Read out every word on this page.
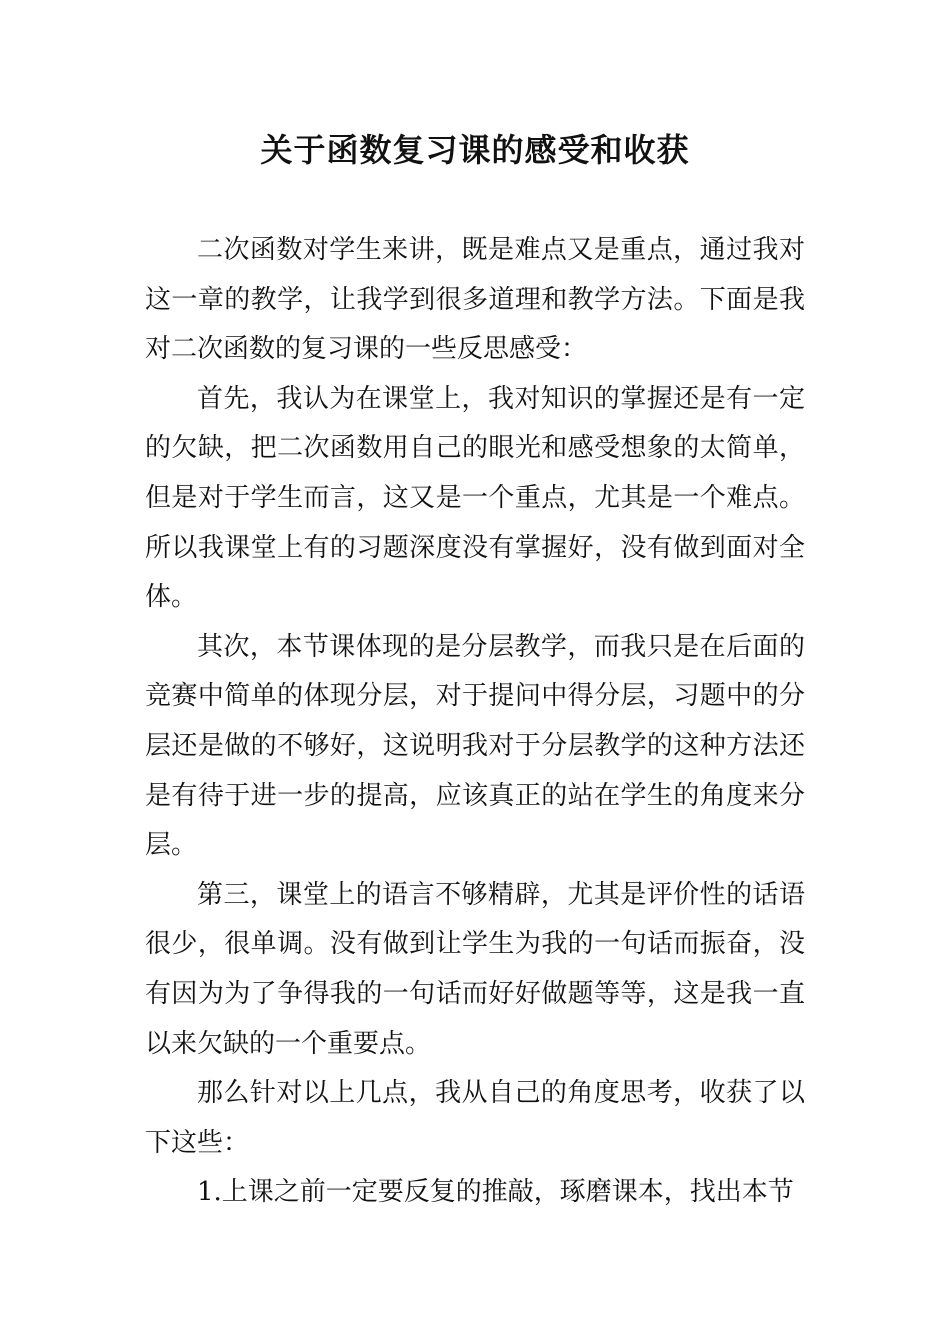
关于函数复习课的感受和收获

二次函数对学生来讲，既是难点又是重点，通过我对这一章的教学，让我学到很多道理和教学方法。下面是我对二次函数的复习课的一些反思感受：

首先，我认为在课堂上，我对知识的掌握还是有一定的欠缺，把二次函数用自己的眼光和感受想象的太简单，但是对于学生而言，这又是一个重点，尤其是一个难点。所以我课堂上有的习题深度没有掌握好，没有做到面对全体。

其次，本节课体现的是分层教学，而我只是在后面的竞赛中简单的体现分层，对于提问中得分层，习题中的分层还是做的不够好，这说明我对于分层教学的这种方法还是有待于进一步的提高，应该真正的站在学生的角度来分层。

第三，课堂上的语言不够精辟，尤其是评价性的话语很少，很单调。没有做到让学生为我的一句话而振奋，没有因为为了争得我的一句话而好好做题等等，这是我一直以来欠缺的一个重要点。

那么针对以上几点，我从自己的角度思考，收获了以下这些：

1.上课之前一定要反复的推敲，琢磨课本，找出本节
